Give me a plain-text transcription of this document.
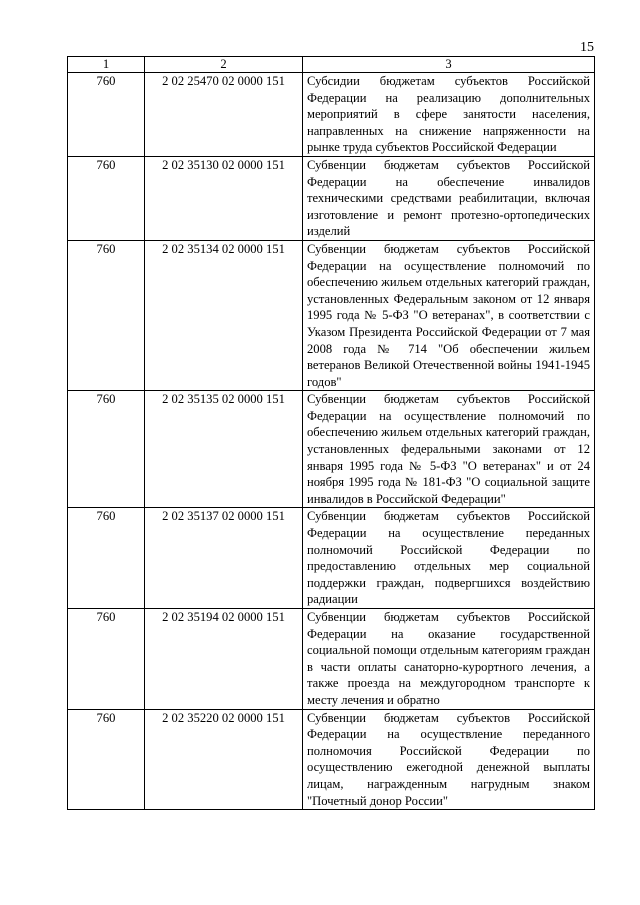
15
1	2	3
760	2 02 25470 02 0000 151	Субсидии бюджетам субъектов Российской Федерации на реализацию дополнительных мероприятий в сфере занятости населения, направленных на снижение напряженности на рынке труда субъектов Российской Федерации
760	2 02 35130 02 0000 151	Субвенции бюджетам субъектов Российской Федерации на обеспечение инвалидов техническими средствами реабилитации, включая изготовление и ремонт протезно-ортопедических изделий
760	2 02 35134 02 0000 151	Субвенции бюджетам субъектов Российской Федерации на осуществление полномочий по обеспечению жильем отдельных категорий граждан, установленных Федеральным законом от 12 января 1995 года № 5-ФЗ "О ветеранах", в соответствии с Указом Президента Российской Федерации от 7 мая 2008 года № 714 "Об обеспечении жильем ветеранов Великой Отечественной войны 1941-1945 годов"
760	2 02 35135 02 0000 151	Субвенции бюджетам субъектов Российской Федерации на осуществление полномочий по обеспечению жильем отдельных категорий граждан, установленных федеральными законами от 12 января 1995 года № 5-ФЗ "О ветеранах" и от 24 ноября 1995 года № 181-ФЗ "О социальной защите инвалидов в Российской Федерации"
760	2 02 35137 02 0000 151	Субвенции бюджетам субъектов Российской Федерации на осуществление переданных полномочий Российской Федерации по предоставлению отдельных мер социальной поддержки граждан, подвергшихся воздействию радиации
760	2 02 35194 02 0000 151	Субвенции бюджетам субъектов Российской Федерации на оказание государственной социальной помощи отдельным категориям граждан в части оплаты санаторно-курортного лечения, а также проезда на междугородном транспорте к месту лечения и обратно
760	2 02 35220 02 0000 151	Субвенции бюджетам субъектов Российской Федерации на осуществление переданного полномочия Российской Федерации по осуществлению ежегодной денежной выплаты лицам, награжденным нагрудным знаком "Почетный донор России"
